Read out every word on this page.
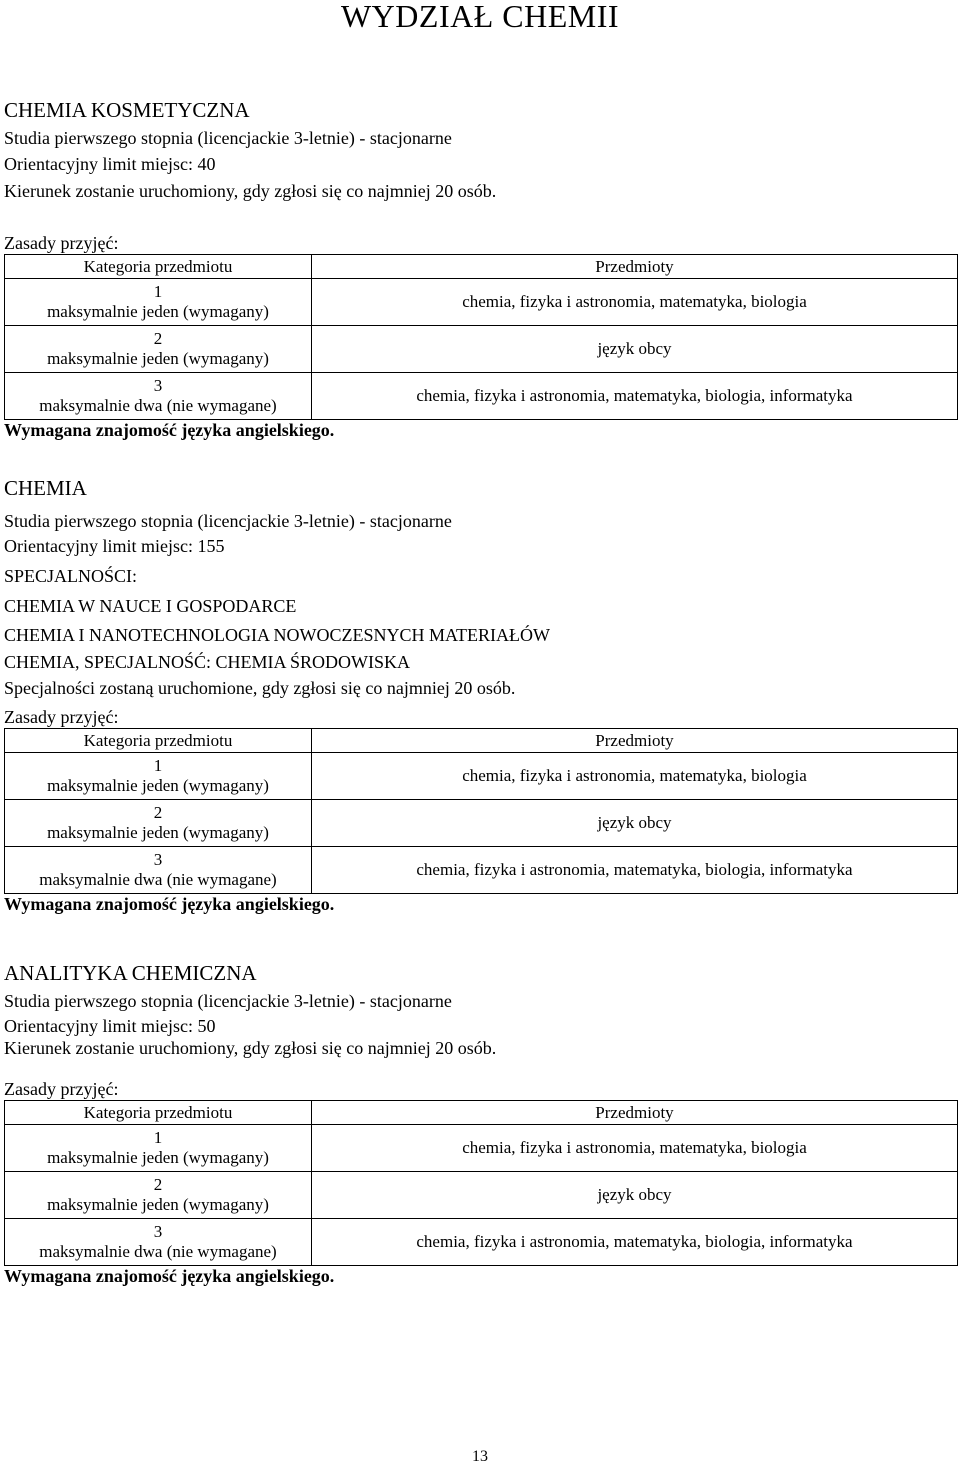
WYDZIAŁ CHEMII
CHEMIA KOSMETYCZNA
Studia pierwszego stopnia (licencjackie 3-letnie) - stacjonarne
Orientacyjny limit miejsc: 40
Kierunek zostanie uruchomiony, gdy zgłosi się co najmniej 20 osób.
Zasady przyjęć:
Kategoria przedmiotu	Przedmioty

1
maksymalnie jeden (wymagany)	chemia, fizyka i astronomia, matematyka, biologia

2
maksymalnie jeden (wymagany)	język obcy

3
maksymalnie dwa (nie wymagane)	chemia, fizyka i astronomia, matematyka, biologia, informatyka
Wymagana znajomość języka angielskiego.
CHEMIA
Studia pierwszego stopnia (licencjackie 3-letnie) - stacjonarne
Orientacyjny limit miejsc: 155
SPECJALNOŚCI:
CHEMIA W NAUCE I GOSPODARCE
CHEMIA I NANOTECHNOLOGIA NOWOCZESNYCH MATERIAŁÓW
CHEMIA, SPECJALNOŚĆ: CHEMIA ŚRODOWISKA
Specjalności zostaną uruchomione, gdy zgłosi się co najmniej 20 osób.
Zasady przyjęć:
Kategoria przedmiotu	Przedmioty

1
maksymalnie jeden (wymagany)	chemia, fizyka i astronomia, matematyka, biologia

2
maksymalnie jeden (wymagany)	język obcy

3
maksymalnie dwa (nie wymagane)	chemia, fizyka i astronomia, matematyka, biologia, informatyka
Wymagana znajomość języka angielskiego.
ANALITYKA CHEMICZNA
Studia pierwszego stopnia (licencjackie 3-letnie) - stacjonarne
Orientacyjny limit miejsc: 50
Kierunek zostanie uruchomiony, gdy zgłosi się co najmniej 20 osób.
Zasady przyjęć:
Kategoria przedmiotu	Przedmioty

1
maksymalnie jeden (wymagany)	chemia, fizyka i astronomia, matematyka, biologia

2
maksymalnie jeden (wymagany)	język obcy

3
maksymalnie dwa (nie wymagane)	chemia, fizyka i astronomia, matematyka, biologia, informatyka
Wymagana znajomość języka angielskiego.
13
